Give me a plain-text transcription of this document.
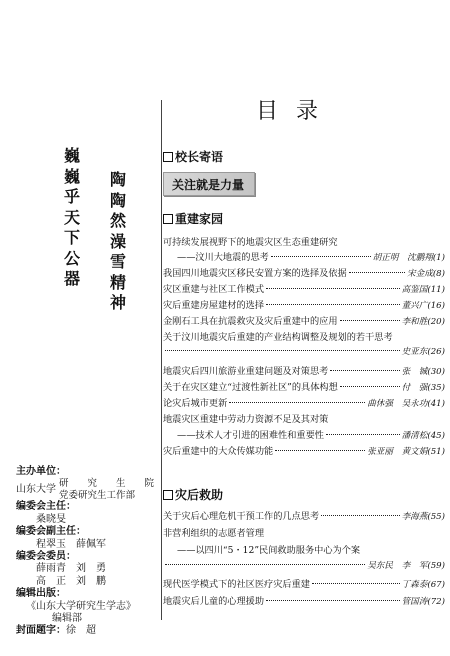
巍
巍
乎
天
下
公
器
陶
陶
然
澡
雪
精
神
主办单位：
山东大学 研 究 生 院
党委研究生工作部
编委会主任：
桑晓旻
编委会副主任：
程翠玉　薛佩军
编委会委员：
薛雨青　刘　勇
高　正　刘　鹏
编辑出版：
《山东大学研究生学志》
编辑部
封面题字：徐　超
目录
校长寄语
关注就是力量
重建家园
灾后救助
可持续发展视野下的地震灾区生态重建研究
——汶川大地震的思考	胡正明　沈鹏翔(1)
我国四川地震灾区移民安置方案的选择及依据	宋金成(8)
灾区重建与社区工作模式	高鉴国(11)
灾后重建房屋建材的选择	董兴广(16)
金刚石工具在抗震救灾及灾后重建中的应用	李和胜(20)
关于汶川地震灾后重建的产业结构调整及规划的若干思考
史亚东(26)
地震灾后四川旅游业重建问题及对策思考	张　铖(30)
关于在灾区建立“过渡性新社区”的具体构想	付　强(35)
论灾后城市更新	曲休强　吴永功(41)
地震灾区重建中劳动力资源不足及其对策
——技术人才引进的困难性和重要性	潘清松(45)
灾后重建中的大众传媒功能	张亚丽　黄文娟(51)
关于灾后心理危机干预工作的几点思考	李海燕(55)
非营利组织的志愿者管理
——以四川“5・12”民间救助服务中心为个案
吴东民　李　军(59)
现代医学模式下的社区医疗灾后重建	丁森泰(67)
地震灾后儿童的心理援助	管国涛(72)
